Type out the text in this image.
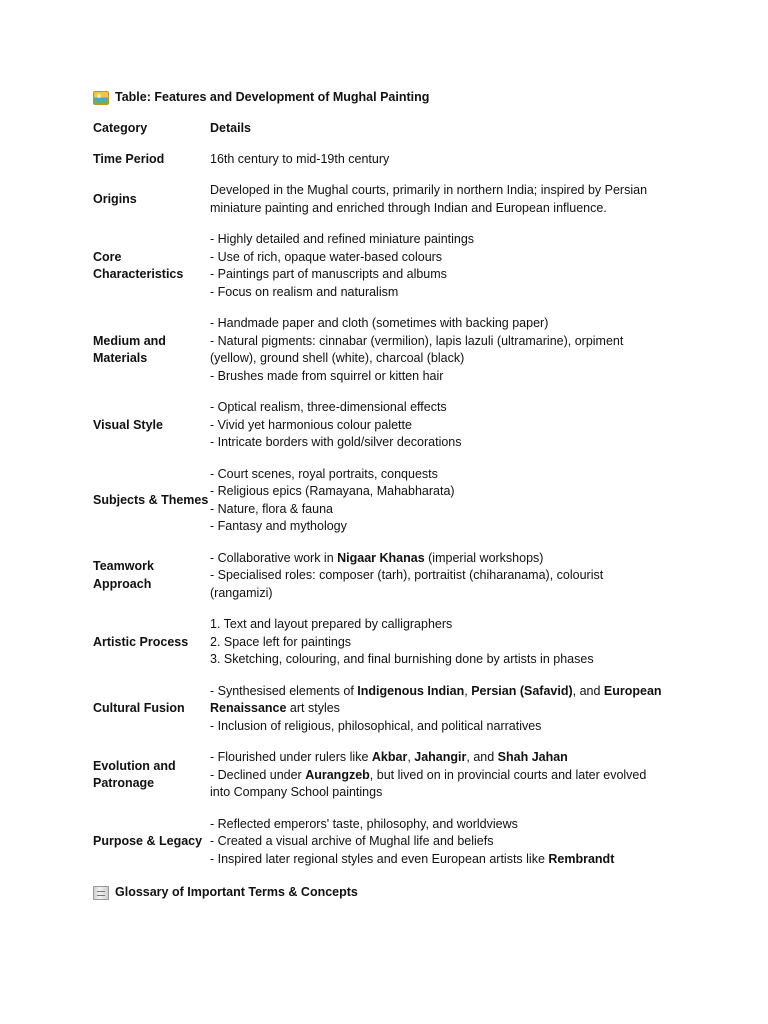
Table: Features and Development of Mughal Painting
Category	Details
Time Period	16th century to mid-19th century

Origins	Developed in the Mughal courts, primarily in northern India; inspired by Persian
miniature painting and enriched through Indian and European influence.

Core Characteristics	- Highly detailed and refined miniature paintings
- Use of rich, opaque water-based colours
- Paintings part of manuscripts and albums
- Focus on realism and naturalism

Medium and Materials	- Handmade paper and cloth (sometimes with backing paper)
- Natural pigments: cinnabar (vermilion), lapis lazuli (ultramarine), orpiment
(yellow), ground shell (white), charcoal (black)
- Brushes made from squirrel or kitten hair

Visual Style	- Optical realism, three-dimensional effects
- Vivid yet harmonious colour palette
- Intricate borders with gold/silver decorations

Subjects & Themes	- Court scenes, royal portraits, conquests
- Religious epics (Ramayana, Mahabharata)
- Nature, flora & fauna
- Fantasy and mythology

Teamwork Approach	- Collaborative work in Nigaar Khanas (imperial workshops)
- Specialised roles: composer (tarh), portraitist (chiharanama), colourist
(rangamizi)

Artistic Process	1. Text and layout prepared by calligraphers
2. Space left for paintings
3. Sketching, colouring, and final burnishing done by artists in phases

Cultural Fusion	- Synthesised elements of Indigenous Indian, Persian (Safavid), and European
Renaissance art styles
- Inclusion of religious, philosophical, and political narratives

Evolution and Patronage	- Flourished under rulers like Akbar, Jahangir, and Shah Jahan
- Declined under Aurangzeb, but lived on in provincial courts and later evolved
into Company School paintings

Purpose & Legacy	- Reflected emperors' taste, philosophy, and worldviews
- Created a visual archive of Mughal life and beliefs
- Inspired later regional styles and even European artists like Rembrandt
Glossary of Important Terms & Concepts
